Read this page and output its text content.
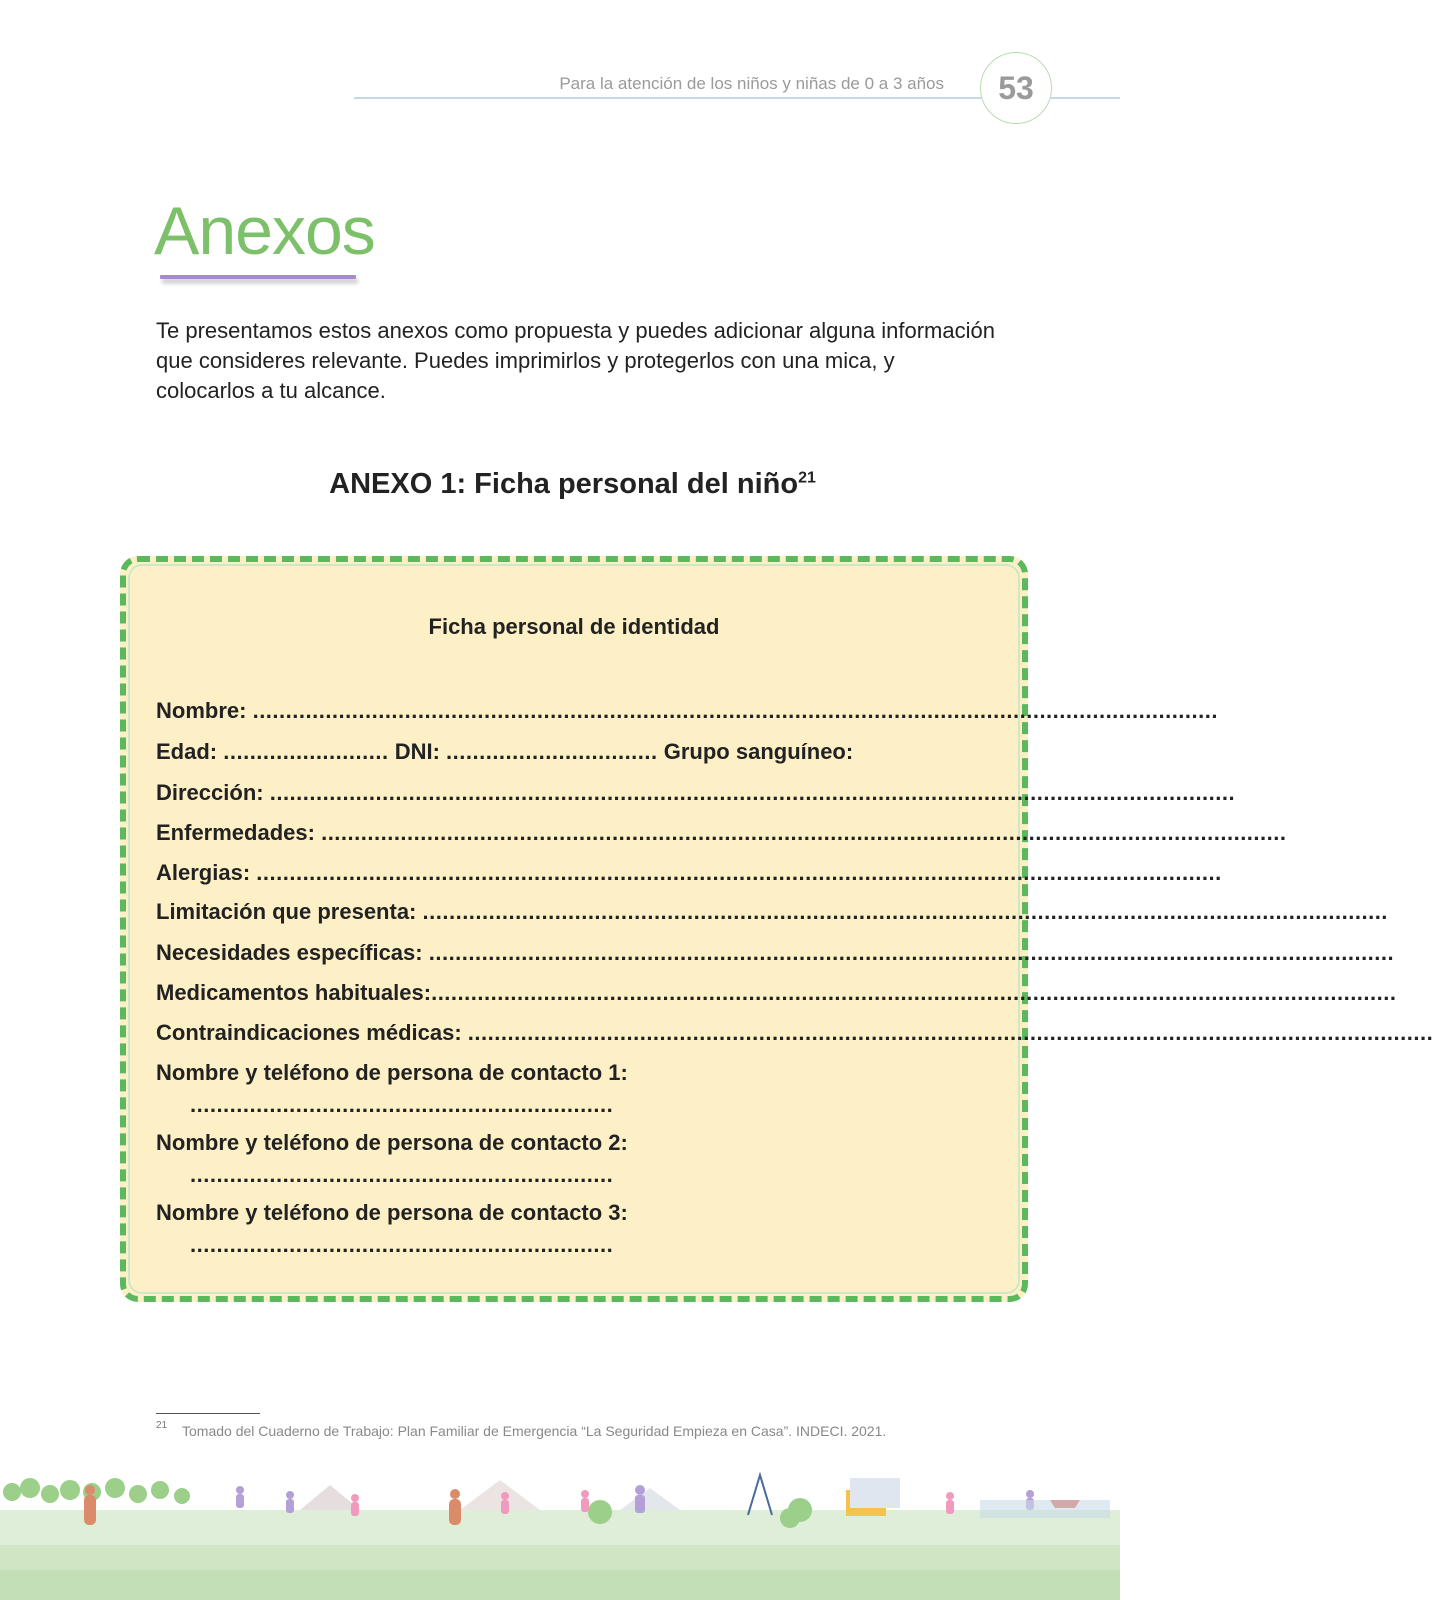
Para la atención de los niños y niñas de 0 a 3 años 53
Anexos

Te presentamos estos anexos como propuesta y puedes adicionar alguna información que consideres relevante. Puedes imprimirlos y protegerlos con una mica, y colocarlos a tu alcance.

ANEXO 1: Ficha personal del niño$^{21}$
Ficha personal de identidad
Nombre: ..................................................................................................................................................
Edad: ......................... DNI: ................................ Grupo sanguíneo:
Dirección: ..................................................................................................................................................
Enfermedades: ..................................................................................................................................................
Alergias: ..................................................................................................................................................
Limitación que presenta: ..................................................................................................................................................
Necesidades específicas: ..................................................................................................................................................
Medicamentos habituales:..................................................................................................................................................
Contraindicaciones médicas: ..................................................................................................................................................
Nombre y teléfono de persona de contacto 1:
................................................................
Nombre y teléfono de persona de contacto 2:
................................................................
Nombre y teléfono de persona de contacto 3:
................................................................
21 Tomado del Cuaderno de Trabajo: Plan Familiar de Emergencia “La Seguridad Empieza en Casa”. INDECI. 2021.
